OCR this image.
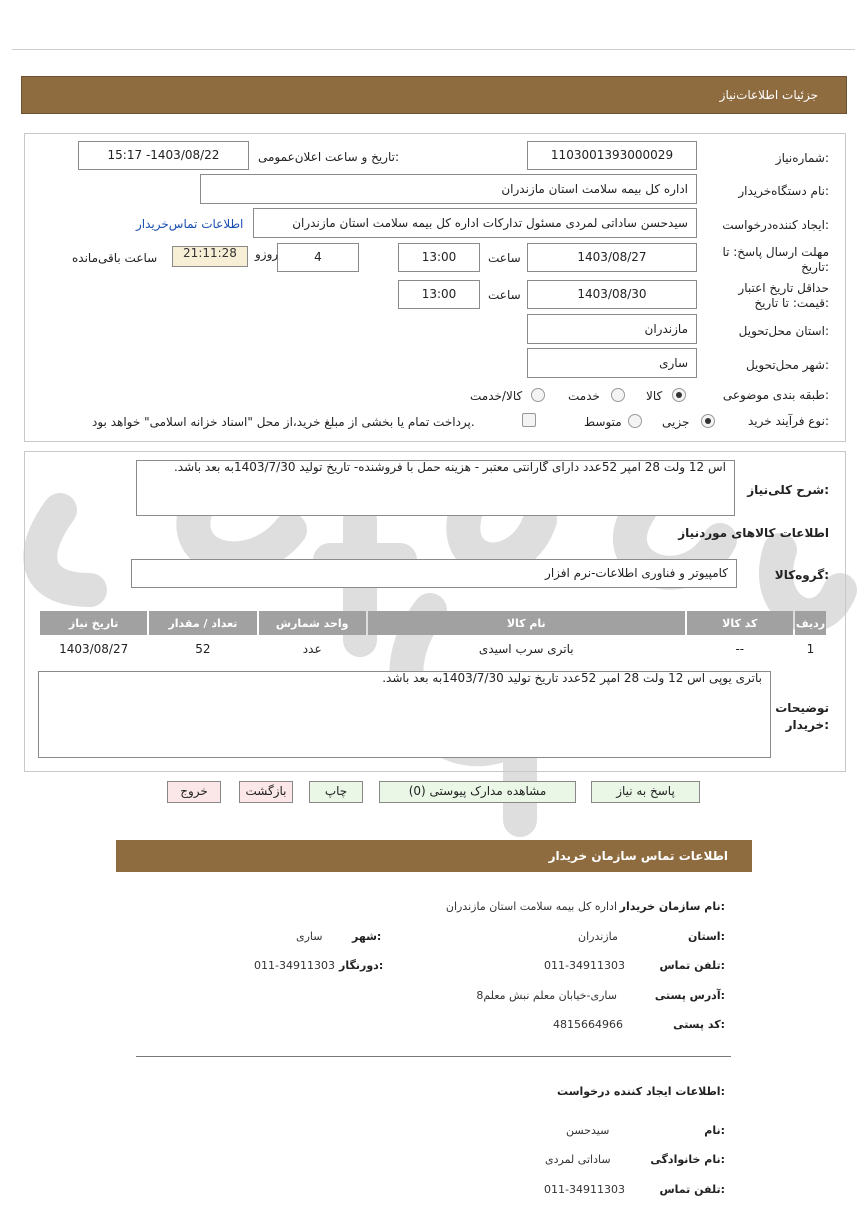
جزئیات اطلاعات‌نیاز
شماره‌نیاز:
1103001393000029
تاریخ و ساعت اعلان‌عمومی:
1403/08/22- 15:17
نام دستگاه‌خریدار:
اداره کل بیمه سلامت استان مازندران
ایجاد کننده‌درخواست:
سیدحسن ساداتی لمردی مسئول تدارکات اداره کل بیمه سلامت استان مازندران
اطلاعات تماس‌خریدار
مهلت ارسال پاسخ: تا تاریخ:
1403/08/27
ساعت
13:00
4
روزو
21:11:28
ساعت باقی‌مانده
حداقل تاریخ اعتبار قیمت: تا تاریخ:
1403/08/30
ساعت
13:00
استان محل‌تحویل:
مازندران
شهر محل‌تحویل:
ساری
طبقه بندی موضوعی:
کالا
خدمت
کالا/خدمت
نوع فرآیند خرید:
جزیی
متوسط
پرداخت تمام یا بخشی از مبلغ خرید،از محل "اسناد خزانه اسلامی" خواهد بود.
شرح کلی‌نیاز:
اس 12 ولت 28 امپر 52عدد دارای گارانتی معتبر - هزینه حمل با فروشنده- تاریخ تولید 1403/7/30به بعد باشد.
اطلاعات کالاهای موردنیاز
گروه‌کالا:
کامپیوتر و فناوری اطلاعات-نرم افزار
ردیف	کد کالا	نام کالا	واحد شمارش	تعداد / مقدار	تاریخ نیاز
1	--	باتری سرب اسیدی	عدد	52	1403/08/27
توضیحات خریدار:
باتری یوپی اس 12 ولت 28 امپر 52عدد تاریخ تولید 1403/7/30به بعد باشد.
پاسخ به نیاز
مشاهده مدارک پیوستی (0)
چاپ
بازگشت
خروج
اطلاعات تماس سازمان خریدار
نام سازمان خریدار:
اداره کل بیمه سلامت استان مازندران
استان:
مازندران
شهر:
ساری
تلفن تماس:
011-34911303
دورنگار:
011-34911303
آدرس پستی:
ساری-خیابان معلم نبش معلم8
کد پستی:
4815664966
اطلاعات ایجاد کننده درخواست:
نام:
سیدحسن
نام خانوادگی:
ساداتی لمردی
تلفن تماس:
011-34911303
